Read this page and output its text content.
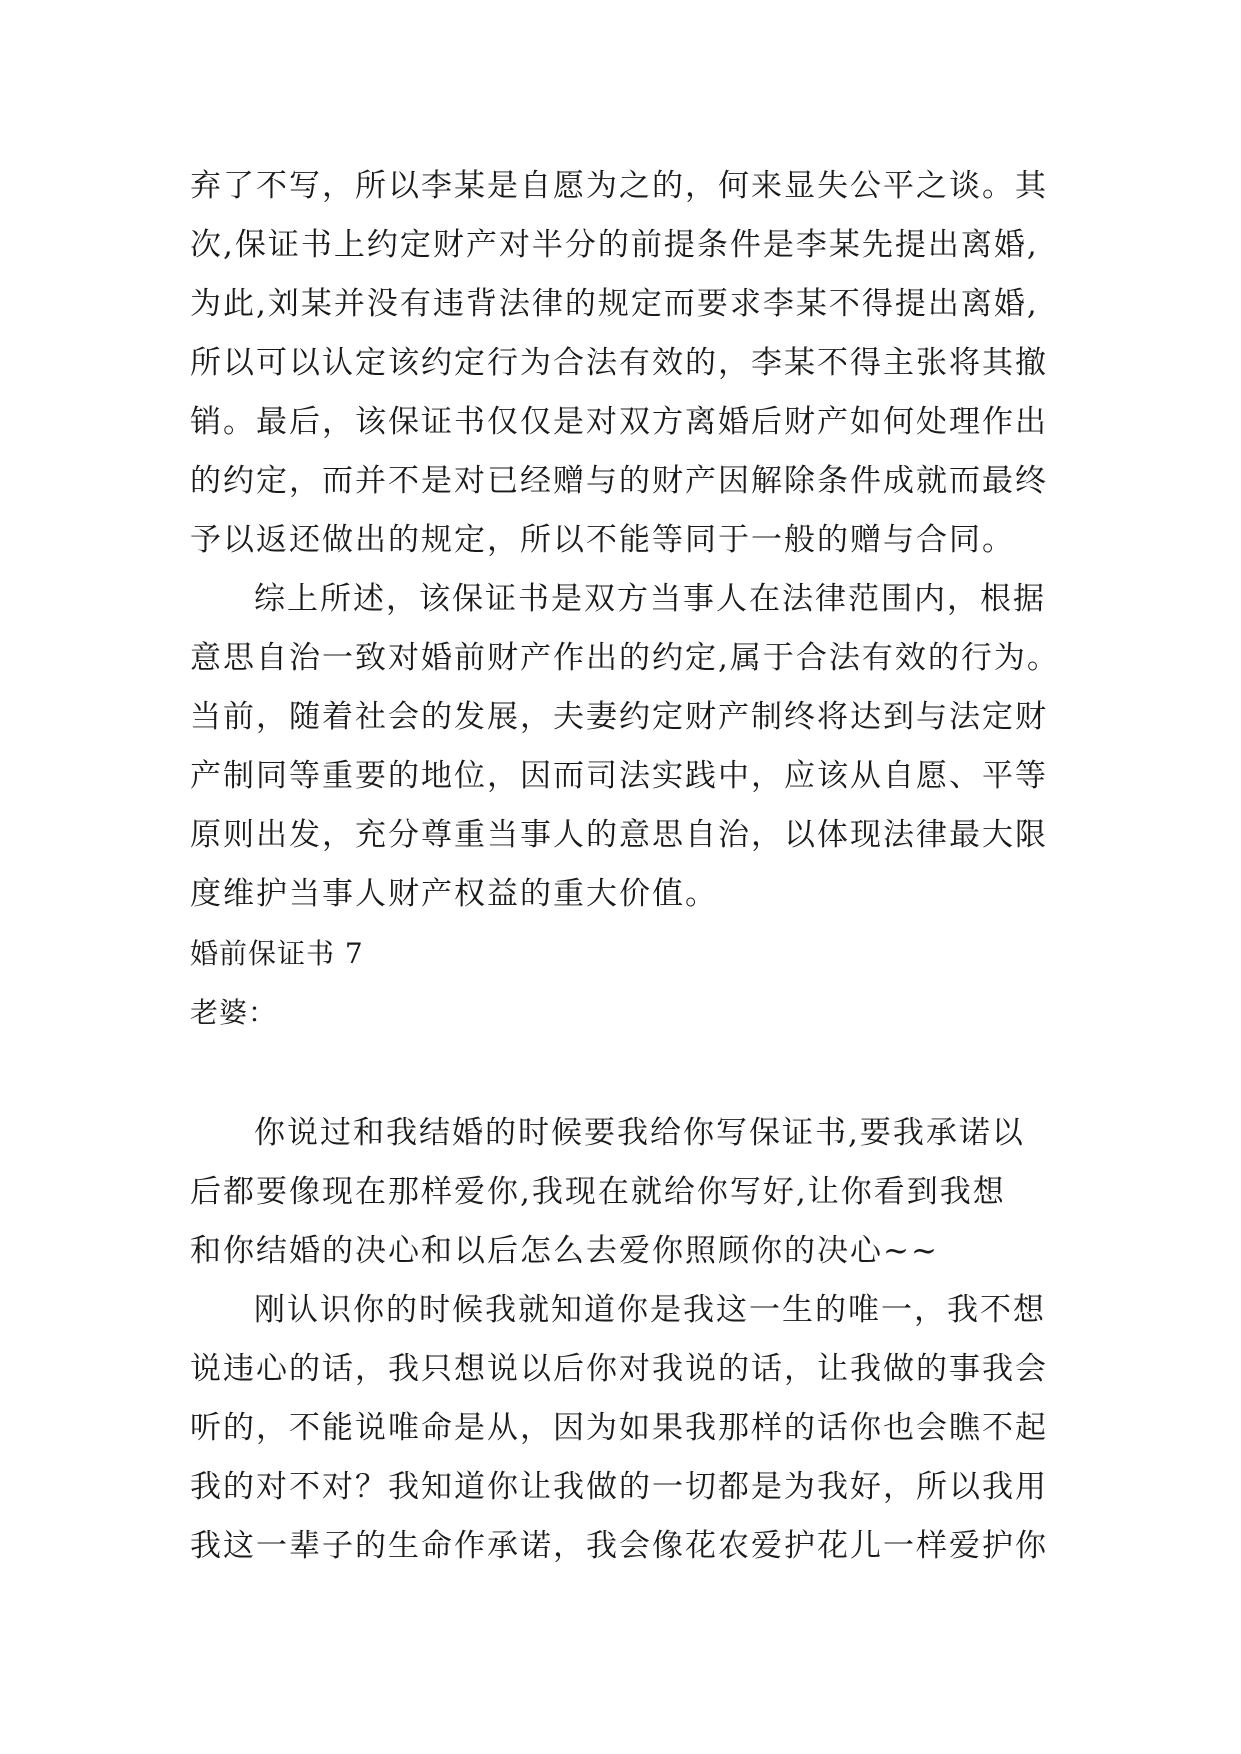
弃了不写，所以李某是自愿为之的，何来显失公平之谈。其
次,保证书上约定财产对半分的前提条件是李某先提出离婚,
为此,刘某并没有违背法律的规定而要求李某不得提出离婚,
所以可以认定该约定行为合法有效的，李某不得主张将其撤
销。最后，该保证书仅仅是对双方离婚后财产如何处理作出
的约定，而并不是对已经赠与的财产因解除条件成就而最终
予以返还做出的规定，所以不能等同于一般的赠与合同。
综上所述，该保证书是双方当事人在法律范围内，根据
意思自治一致对婚前财产作出的约定,属于合法有效的行为。
当前，随着社会的发展，夫妻约定财产制终将达到与法定财
产制同等重要的地位，因而司法实践中，应该从自愿、平等
原则出发，充分尊重当事人的意思自治，以体现法律最大限
度维护当事人财产权益的重大价值。
婚前保证书 7
老婆：
你说过和我结婚的时候要我给你写保证书,要我承诺以
后都要像现在那样爱你,我现在就给你写好,让你看到我想
和你结婚的决心和以后怎么去爱你照顾你的决心~~
刚认识你的时候我就知道你是我这一生的唯一，我不想
说违心的话，我只想说以后你对我说的话，让我做的事我会
听的，不能说唯命是从，因为如果我那样的话你也会瞧不起
我的对不对？我知道你让我做的一切都是为我好，所以我用
我这一辈子的生命作承诺，我会像花农爱护花儿一样爱护你
